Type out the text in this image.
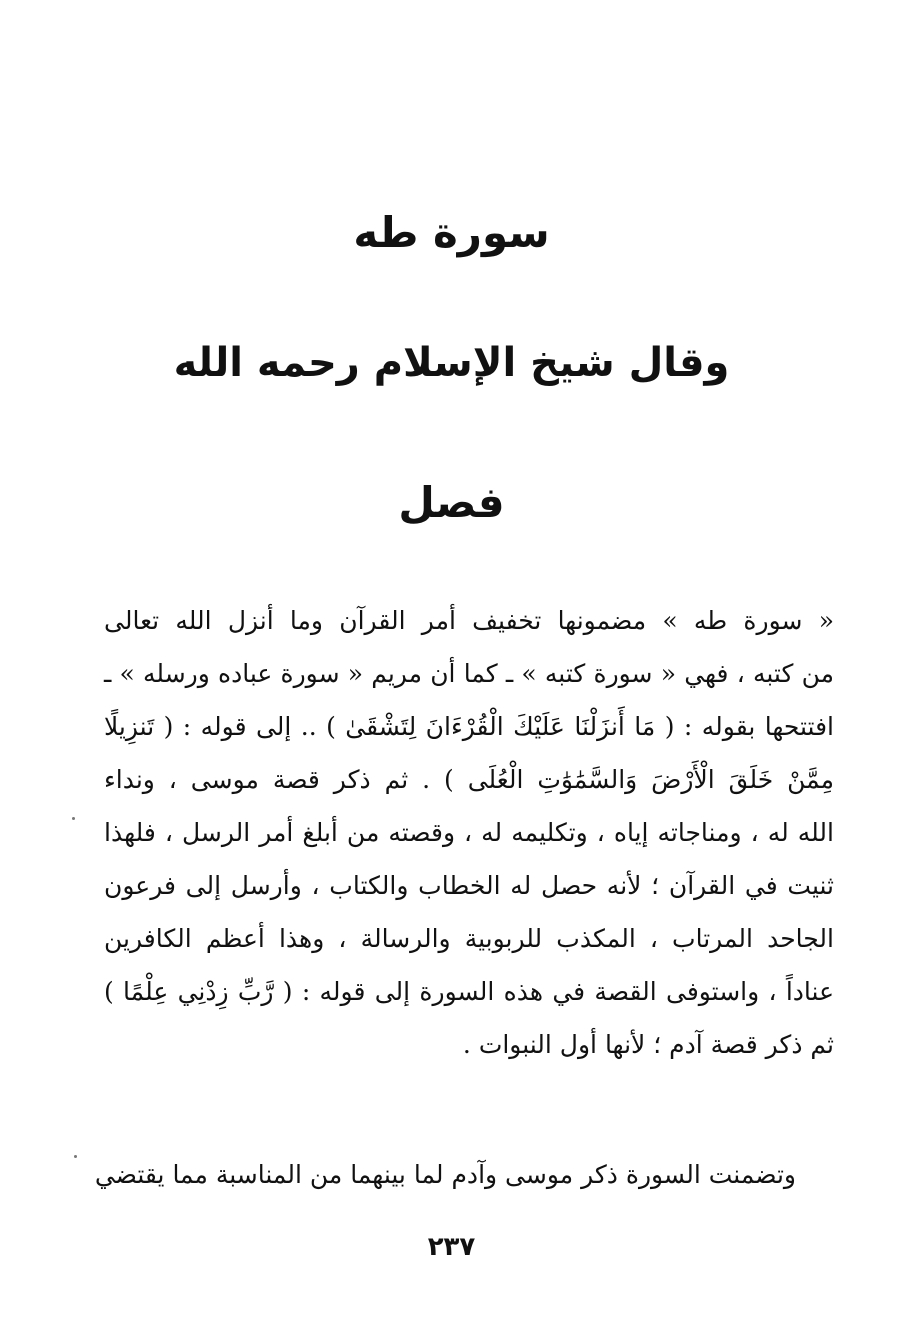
سورة طه
وقال شيخ الإسلام رحمه الله
فصل
« سورة طه » مضمونها تخفيف أمر القرآن وما أنزل الله تعالى
من كتبه ، فهي « سورة كتبه » ـ كما أن مريم « سورة عباده ورسله » ـ
افتتحها بقوله : ( مَا أَنزَلْنَا عَلَيْكَ الْقُرْءَانَ لِتَشْقَىٰ ) .. إلى قوله : ( تَنزِيلًا
مِمَّنْ خَلَقَ الْأَرْضَ وَالسَّمَٰوَٰتِ الْعُلَى ) . ثم ذكر قصة موسى ، ونداء
الله له ، ومناجاته إياه ، وتكليمه له ، وقصته من أبلغ أمر الرسل ، فلهذا
ثنيت في القرآن ؛ لأنه حصل له الخطاب والكتاب ، وأرسل إلى فرعون
الجاحد المرتاب ، المكذب للربوبية والرسالة ، وهذا أعظم الكافرين
عناداً ، واستوفى القصة في هذه السورة إلى قوله : ( رَّبِّ زِدْنِي عِلْمًا )
ثم ذكر قصة آدم ؛ لأنها أول النبوات .
وتضمنت السورة ذكر موسى وآدم لما بينهما من المناسبة مما يقتضي
٢٣٧
